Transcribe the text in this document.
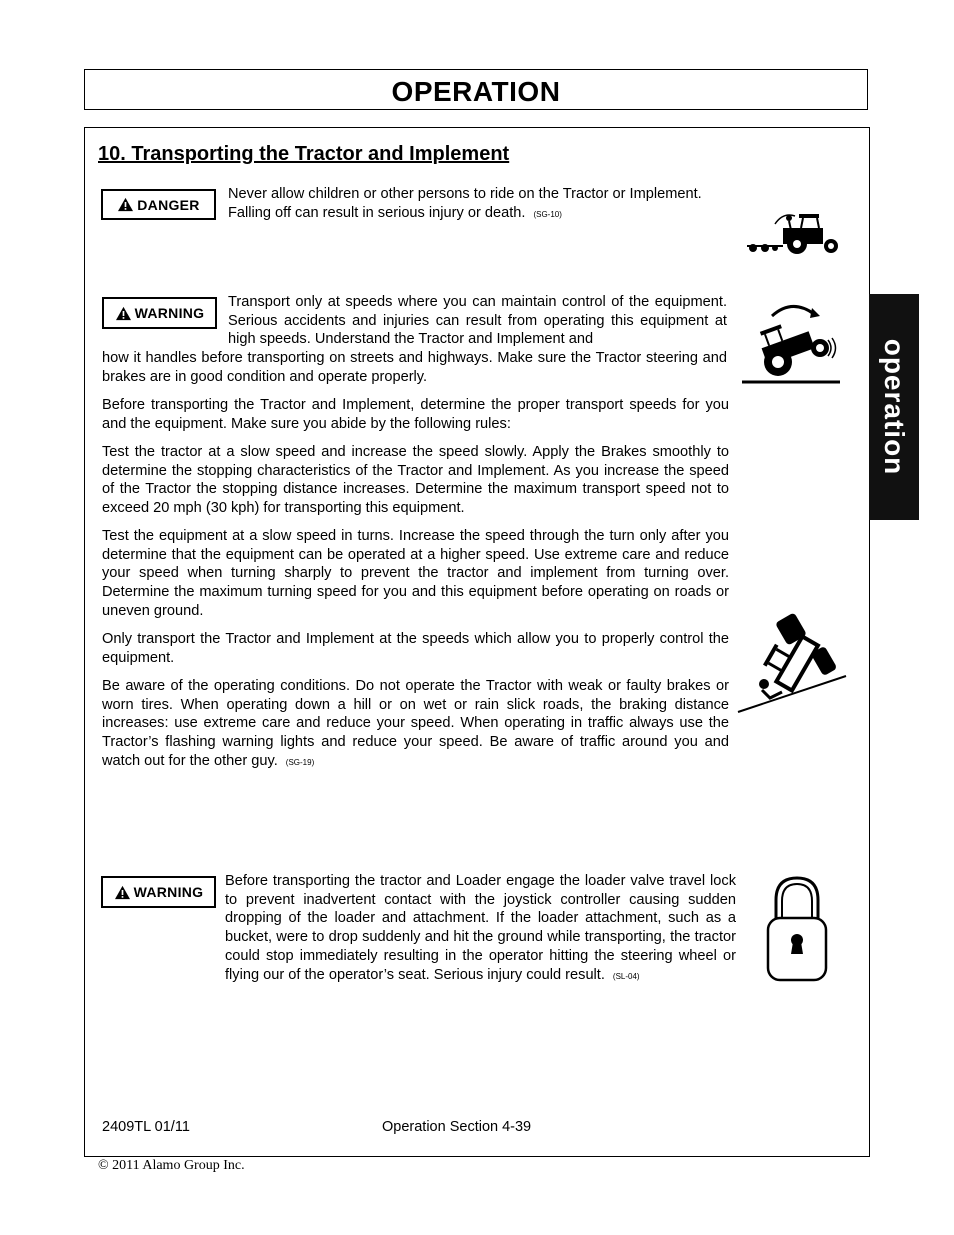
OPERATION
10. Transporting the Tractor and Implement
DANGER

Never allow children or other persons to ride on the Tractor or Implement. Falling off can result in serious injury or death. (SG-10)

WARNING

Transport only at speeds where you can maintain control of the equipment. Serious accidents and injuries can result from operating this equipment at high speeds. Understand the Tractor and Implement and

how it handles before transporting on streets and highways. Make sure the Tractor steering and brakes are in good condition and operate properly.

Before transporting the Tractor and Implement, determine the proper transport speeds for you and the equipment. Make sure you abide by the following rules:

Test the tractor at a slow speed and increase the speed slowly. Apply the Brakes smoothly to determine the stopping characteristics of the Tractor and Implement. As you increase the speed of the Tractor the stopping distance increases. Determine the maximum transport speed not to exceed 20 mph (30 kph) for transporting this equipment.

Test the equipment at a slow speed in turns. Increase the speed through the turn only after you determine that the equipment can be operated at a higher speed. Use extreme care and reduce your speed when turning sharply to prevent the tractor and implement from turning over. Determine the maximum turning speed for you and this equipment before operating on roads or uneven ground.

Only transport the Tractor and Implement at the speeds which allow you to properly control the equipment.

Be aware of the operating conditions. Do not operate the Tractor with weak or faulty brakes or worn tires. When operating down a hill or on wet or rain slick roads, the braking distance increases: use extreme care and reduce your speed. When operating in traffic always use the Tractor’s flashing warning lights and reduce your speed. Be aware of traffic around you and watch out for the other guy. (SG-19)

WARNING

Before transporting the tractor and Loader engage the loader valve travel lock to prevent inadvertent contact with the joystick controller causing sudden dropping of the loader and attachment. If the loader attachment, such as a bucket, were to drop suddenly and hit the ground while transporting, the tractor could stop immediately resulting in the operator hitting the steering wheel or flying our of the operator’s seat. Serious injury could result. (SL-04)

operation
2409TL 01/11	Operation Section 4-39
© 2011 Alamo Group Inc.
